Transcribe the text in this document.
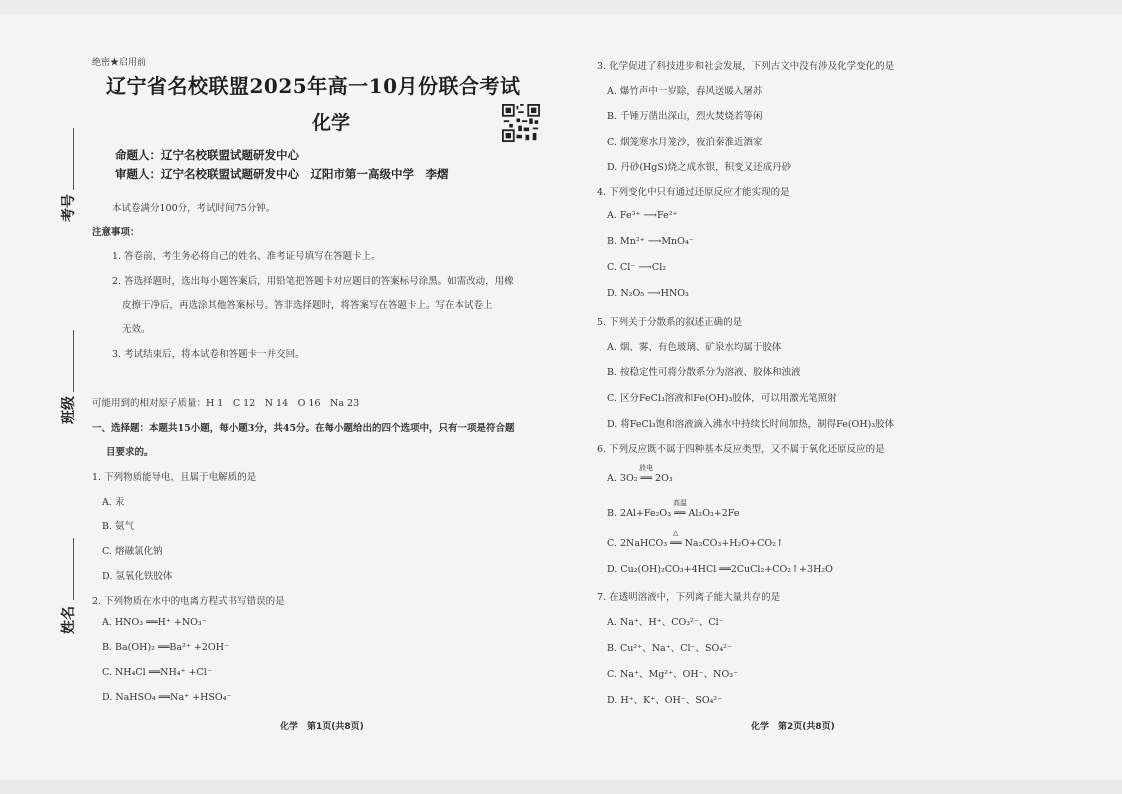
绝密★启用前
辽宁省名校联盟2025年高一10月份联合考试
化学
命题人：辽宁名校联盟试题研发中心
审题人：辽宁名校联盟试题研发中心　辽阳市第一高级中学　李熠
考号
班级
姓名
本试卷满分100分，考试时间75分钟。
注意事项：
1. 答卷前，考生务必将自己的姓名、准考证号填写在答题卡上。
2. 答选择题时，选出每小题答案后，用铅笔把答题卡对应题目的答案标号涂黑。如需改动，用橡
皮擦干净后，再选涂其他答案标号。答非选择题时，将答案写在答题卡上。写在本试卷上
无效。
3. 考试结束后，将本试卷和答题卡一并交回。
可能用到的相对原子质量：H 1　C 12　N 14　O 16　Na 23
一、选择题：本题共15小题，每小题3分，共45分。在每小题给出的四个选项中，只有一项是符合题
目要求的。
1. 下列物质能导电，且属于电解质的是
A. 汞
B. 氨气
C. 熔融氯化钠
D. 氢氧化铁胶体
2. 下列物质在水中的电离方程式书写错误的是
A. HNO₃ ══H⁺ +NO₃⁻
B. Ba(OH)₂ ══Ba²⁺ +2OH⁻
C. NH₄Cl ══NH₄⁺ +Cl⁻
D. NaHSO₄ ══Na⁺ +HSO₄⁻
化学　第1页(共8页)
3. 化学促进了科技进步和社会发展，下列古文中没有涉及化学变化的是
A. 爆竹声中一岁除，春风送暖入屠苏
B. 千锤万凿出深山，烈火焚烧若等闲
C. 烟笼寒水月笼沙，夜泊秦淮近酒家
D. 丹砂(HgS)烧之成水银，积变又还成丹砂
4. 下列变化中只有通过还原反应才能实现的是
A. Fe³⁺ ⟶Fe²⁺
B. Mn²⁺ ⟶MnO₄⁻
C. Cl⁻ ⟶Cl₂
D. N₂O₅ ⟶HNO₃
5. 下列关于分散系的叙述正确的是
A. 烟、雾、有色玻璃、矿泉水均属于胶体
B. 按稳定性可将分散系分为溶液、胶体和浊液
C. 区分FeCl₃溶液和Fe(OH)₃胶体，可以用激光笔照射
D. 将FeCl₃饱和溶液滴入沸水中持续长时间加热，制得Fe(OH)₃胶体
6. 下列反应既不属于四种基本反应类型，又不属于氧化还原反应的是
放电
A. 3O₂ ══ 2O₃
高温
B. 2Al+Fe₂O₃ ══ Al₂O₃+2Fe
△
C. 2NaHCO₃ ══ Na₂CO₃+H₂O+CO₂↑
D. Cu₂(OH)₂CO₃+4HCl ══2CuCl₂+CO₂↑+3H₂O
7. 在透明溶液中，下列离子能大量共存的是
A. Na⁺、H⁺、CO₃²⁻、Cl⁻
B. Cu²⁺、Na⁺、Cl⁻、SO₄²⁻
C. Na⁺、Mg²⁺、OH⁻、NO₃⁻
D. H⁺、K⁺、OH⁻、SO₄²⁻
化学　第2页(共8页)
